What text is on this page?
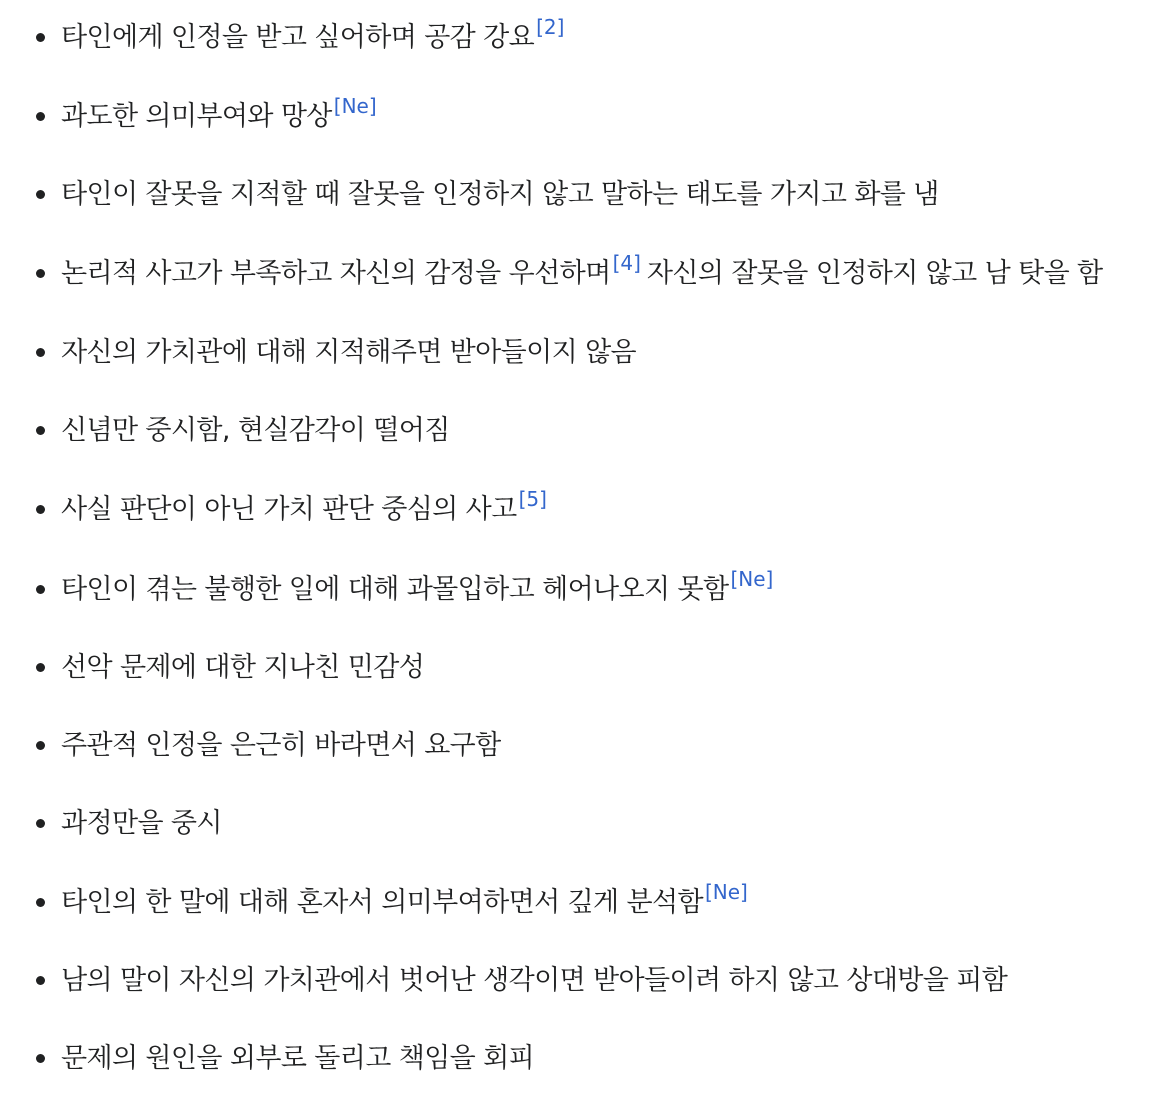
타인에게 인정을 받고 싶어하며 공감 강요 [2]
과도한 의미부여와 망상 [Ne]
타인이 잘못을 지적할 때 잘못을 인정하지 않고 말하는 태도를 가지고 화를 냄
논리적 사고가 부족하고 자신의 감정을 우선하며 [4] 자신의 잘못을 인정하지 않고 남 탓을 함
자신의 가치관에 대해 지적해주면 받아들이지 않음
신념만 중시함, 현실감각이 떨어짐
사실 판단이 아닌 가치 판단 중심의 사고 [5]
타인이 겪는 불행한 일에 대해 과몰입하고 헤어나오지 못함 [Ne]
선악 문제에 대한 지나친 민감성
주관적 인정을 은근히 바라면서 요구함
과정만을 중시
타인의 한 말에 대해 혼자서 의미부여하면서 깊게 분석함 [Ne]
남의 말이 자신의 가치관에서 벗어난 생각이면 받아들이려 하지 않고 상대방을 피함
문제의 원인을 외부로 돌리고 책임을 회피
